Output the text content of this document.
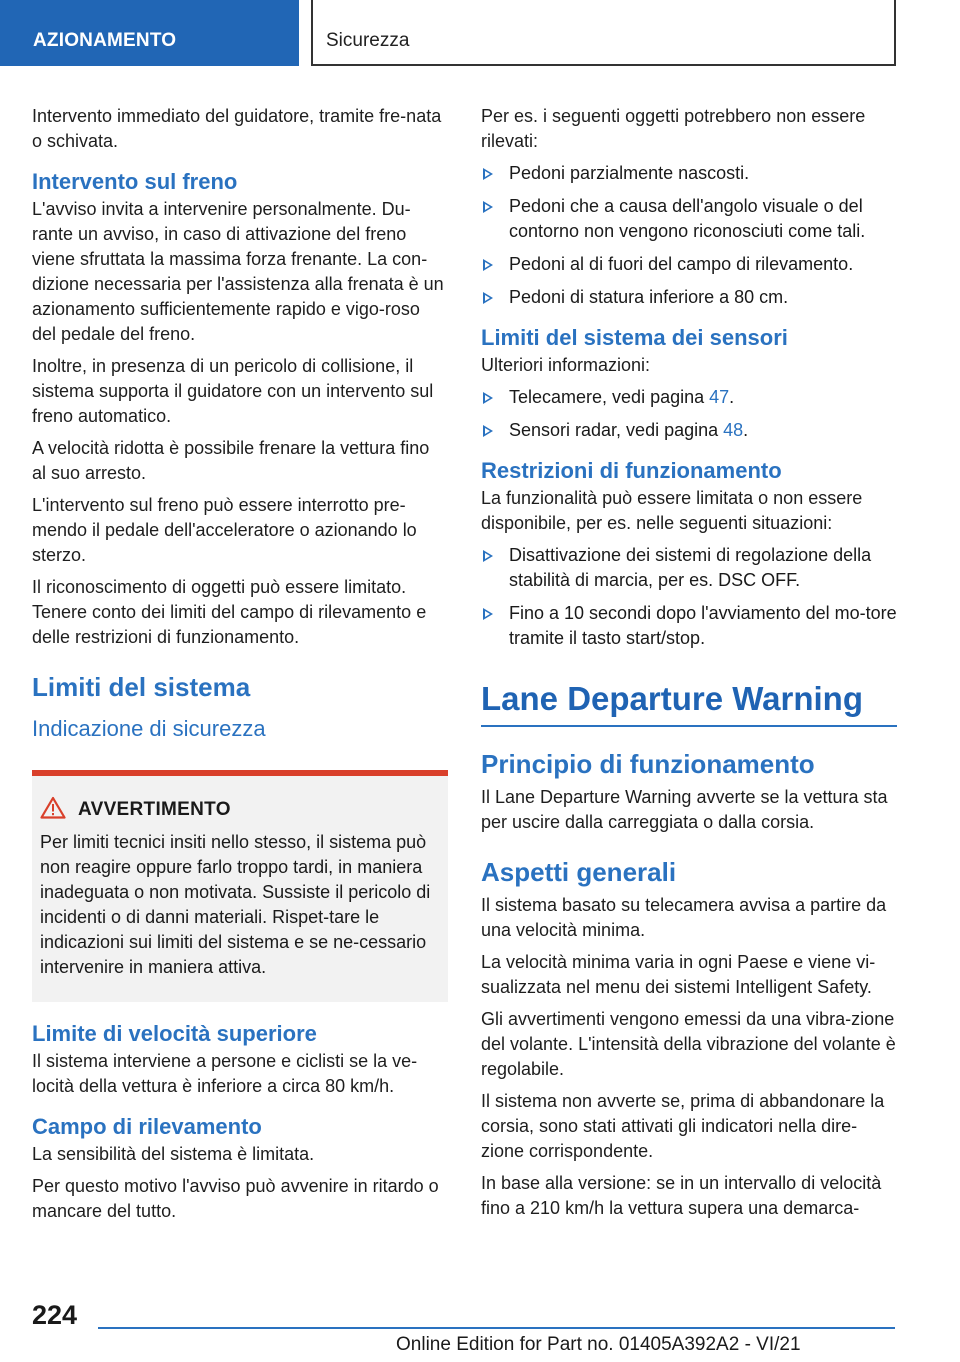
AZIONAMENTO	Sicurezza

Intervento immediato del guidatore, tramite fre-nata o schivata.

Intervento sul freno

L'avviso invita a intervenire personalmente. Du-rante un avviso, in caso di attivazione del freno viene sfruttata la massima forza frenante. La con-dizione necessaria per l'assistenza alla frenata è un azionamento sufficientemente rapido e vigo-roso del pedale del freno.

Inoltre, in presenza di un pericolo di collisione, il sistema supporta il guidatore con un intervento sul freno automatico.

A velocità ridotta è possibile frenare la vettura fino al suo arresto.

L'intervento sul freno può essere interrotto pre-mendo il pedale dell'acceleratore o azionando lo sterzo.

Il riconoscimento di oggetti può essere limitato. Tenere conto dei limiti del campo di rilevamento e delle restrizioni di funzionamento.

Limiti del sistema
Indicazione di sicurezza
AVVERTIMENTO

Per limiti tecnici insiti nello stesso, il sistema può non reagire oppure farlo troppo tardi, in maniera inadeguata o non motivata. Sussiste il pericolo di incidenti o di danni materiali. Rispet-tare le indicazioni sui limiti del sistema e se ne-cessario intervenire in maniera attiva.

Limite di velocità superiore

Il sistema interviene a persone e ciclisti se la ve-locità della vettura è inferiore a circa 80 km/h.

Campo di rilevamento

La sensibilità del sistema è limitata.

Per questo motivo l'avviso può avvenire in ritardo o mancare del tutto.

Per es. i seguenti oggetti potrebbero non essere rilevati:

Pedoni parzialmente nascosti.
Pedoni che a causa dell'angolo visuale o del contorno non vengono riconosciuti come tali.
Pedoni al di fuori del campo di rilevamento.
Pedoni di statura inferiore a 80 cm.
Limiti del sistema dei sensori

Ulteriori informazioni:

Telecamere, vedi pagina 47.
Sensori radar, vedi pagina 48.
Restrizioni di funzionamento

La funzionalità può essere limitata o non essere disponibile, per es. nelle seguenti situazioni:

Disattivazione dei sistemi di regolazione della stabilità di marcia, per es. DSC OFF.
Fino a 10 secondi dopo l'avviamento del mo-tore tramite il tasto start/stop.
Lane Departure Warning
Principio di funzionamento

Il Lane Departure Warning avverte se la vettura sta per uscire dalla carreggiata o dalla corsia.

Aspetti generali

Il sistema basato su telecamera avvisa a partire da una velocità minima.

La velocità minima varia in ogni Paese e viene vi-sualizzata nel menu dei sistemi Intelligent Safety.

Gli avvertimenti vengono emessi da una vibra-zione del volante. L'intensità della vibrazione del volante è regolabile.

Il sistema non avverte se, prima di abbandonare la corsia, sono stati attivati gli indicatori nella dire-zione corrispondente.

In base alla versione: se in un intervallo di velocità fino a 210 km/h la vettura supera una demarca-

224
Online Edition for Part no. 01405A392A2 - VI/21
